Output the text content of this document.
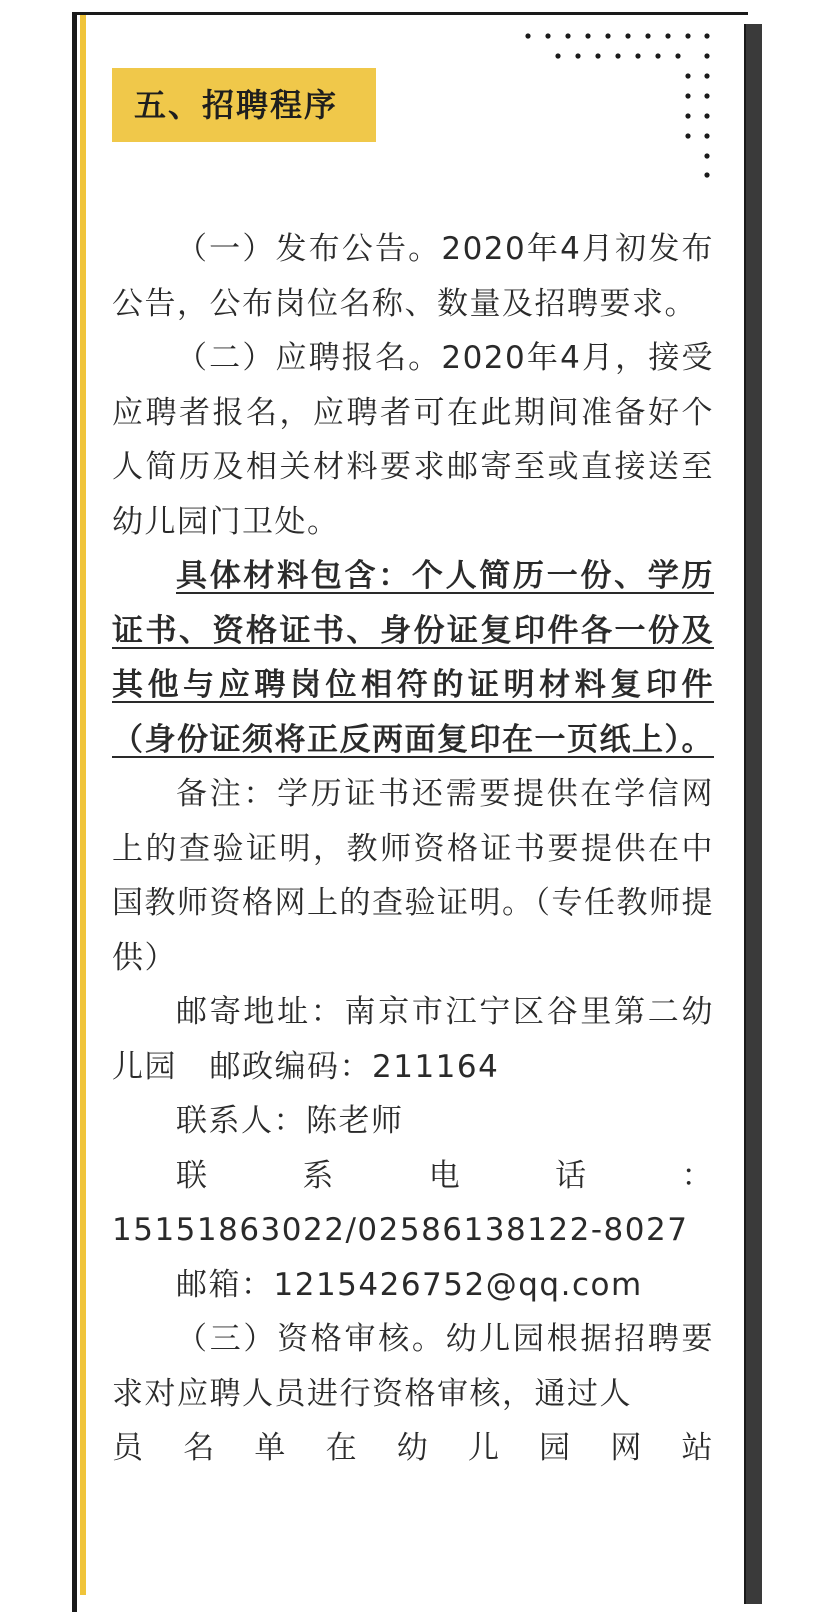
五、招聘程序

（一）发布公告。2020年4月初发布公告，公布岗位名称、数量及招聘要求。

（二）应聘报名。2020年4月，接受应聘者报名，应聘者可在此期间准备好个人简历及相关材料要求邮寄至或直接送至幼儿园门卫处。

具体材料包含：个人简历一份、学历证书、资格证书、身份证复印件各一份及其他与应聘岗位相符的证明材料复印件（身份证须将正反两面复印在一页纸上）。

备注：学历证书还需要提供在学信网上的查验证明，教师资格证书要提供在中国教师资格网上的查验证明。（专任教师提供）

邮寄地址：南京市江宁区谷里第二幼儿园　邮政编码：211164

联系人：陈老师

联	系	电	话	：

15151863022/02586138122-8027

邮箱：1215426752@qq.com

（三）资格审核。幼儿园根据招聘要求对应聘人员进行资格审核，通过人

员 名 单 在 幼 儿 园 网 站
